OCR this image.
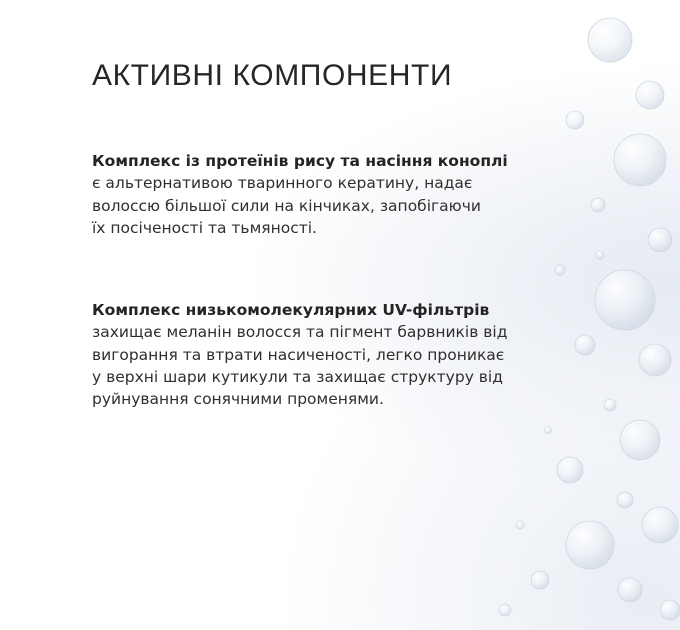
АКТИВНІ КОМПОНЕНТИ
Комплекс із протеїнів рису та насіння коноплі
є альтернативою тваринного кератину, надає
волоссю більшої сили на кінчиках, запобігаючи
їх посіченості та тьмяності.
Комплекс низькомолекулярних UV-фільтрів
захищає меланін волосся та пігмент барвників від
вигорання та втрати насиченості, легко проникає
у верхні шари кутикули та захищає структуру від
руйнування сонячними променями.
